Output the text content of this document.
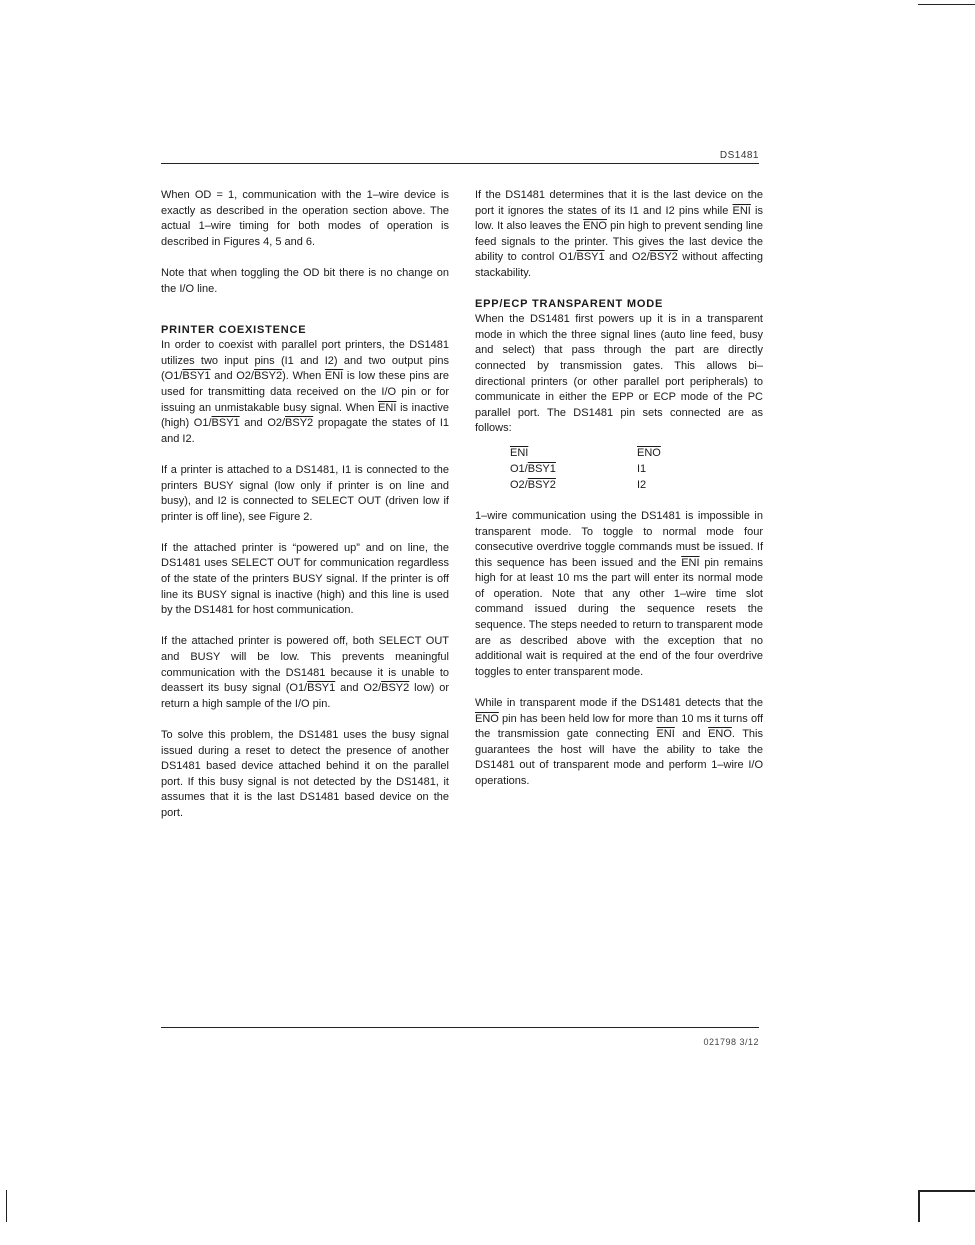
DS1481

When OD = 1, communication with the 1–wire device is exactly as described in the operation section above. The actual 1–wire timing for both modes of operation is described in Figures 4, 5 and 6.

Note that when toggling the OD bit there is no change on the I/O line.

PRINTER COEXISTENCE

In order to coexist with parallel port printers, the DS1481 utilizes two input pins (I1 and I2) and two output pins (O1/BSY1 and O2/BSY2). When $\overline{ENI}$ is low these pins are used for transmitting data received on the I/O pin or for issuing an unmistakable busy signal. When $\overline{ENI}$ is inactive (high) O1/BSY1 and O2/BSY2 propagate the states of I1 and I2.

If a printer is attached to a DS1481, I1 is connected to the printers BUSY signal (low only if printer is on line and busy), and I2 is connected to SELECT OUT (driven low if printer is off line), see Figure 2.

If the attached printer is “powered up” and on line, the DS1481 uses SELECT OUT for communication regardless of the state of the printers BUSY signal. If the printer is off line its BUSY signal is inactive (high) and this line is used by the DS1481 for host communication.

If the attached printer is powered off, both SELECT OUT and BUSY will be low. This prevents meaningful communication with the DS1481 because it is unable to deassert its busy signal (O1/BSY1 and O2/BSY2 low) or return a high sample of the I/O pin.

To solve this problem, the DS1481 uses the busy signal issued during a reset to detect the presence of another DS1481 based device attached behind it on the parallel port. If this busy signal is not detected by the DS1481, it assumes that it is the last DS1481 based device on the port.

If the DS1481 determines that it is the last device on the port it ignores the states of its I1 and I2 pins while $\overline{ENI}$ is low. It also leaves the $\overline{ENO}$ pin high to prevent sending line feed signals to the printer. This gives the last device the ability to control O1/BSY1 and O2/BSY2 without affecting stackability.

EPP/ECP TRANSPARENT MODE

When the DS1481 first powers up it is in a transparent mode in which the three signal lines (auto line feed, busy and select) that pass through the part are directly connected by transmission gates. This allows bi–directional printers (or other parallel port peripherals) to communicate in either the EPP or ECP mode of the PC parallel port. The DS1481 pin sets connected are as follows:

$\overline{ENI}$	$\overline{ENO}$
O1/BSY1	I1
O2/BSY2	I2

1–wire communication using the DS1481 is impossible in transparent mode. To toggle to normal mode four consecutive overdrive toggle commands must be issued. If this sequence has been issued and the $\overline{ENI}$ pin remains high for at least 10 ms the part will enter its normal mode of operation. Note that any other 1–wire time slot command issued during the sequence resets the sequence. The steps needed to return to transparent mode are as described above with the exception that no additional wait is required at the end of the four overdrive toggles to enter transparent mode.

While in transparent mode if the DS1481 detects that the $\overline{ENO}$ pin has been held low for more than 10 ms it turns off the transmission gate connecting $\overline{ENI}$ and $\overline{ENO}$. This guarantees the host will have the ability to take the DS1481 out of transparent mode and perform 1–wire I/O operations.

021798 3/12
